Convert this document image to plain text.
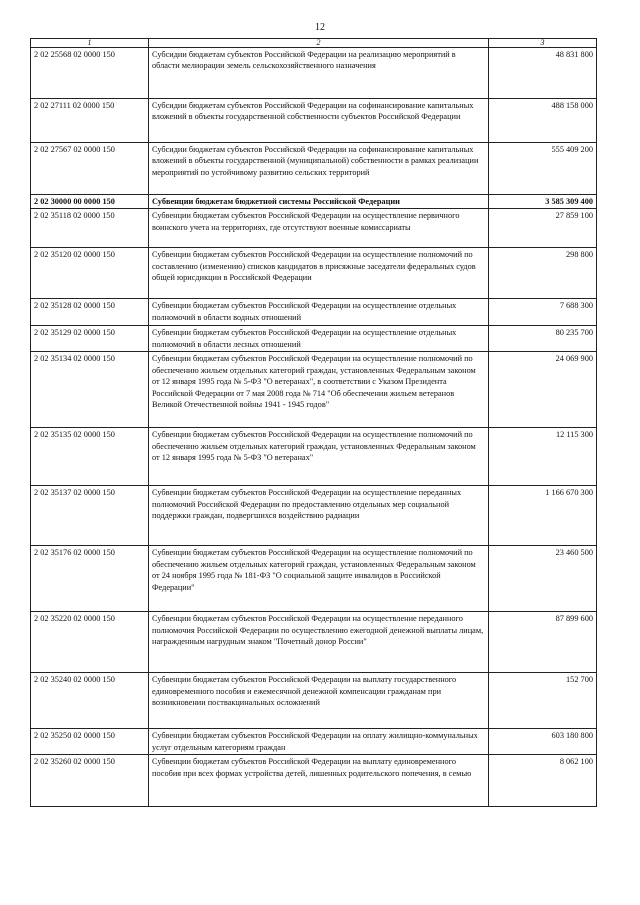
12
1	2	3
2 02 25568 02 0000 150	Субсидии бюджетам субъектов Российской Федерации на реализацию мероприятий в области мелиорации земель сельскохозяйственного назначения	48 831 800
2 02 27111 02 0000 150	Субсидии бюджетам субъектов Российской Федерации на софинансирование капитальных вложений в объекты государственной собственности субъектов Российской Федерации	488 158 000
2 02 27567 02 0000 150	Субсидии бюджетам субъектов Российской Федерации на софинансирование капитальных вложений в объекты государственной (муниципальной) собственности в рамках реализации мероприятий по устойчивому развитию сельских территорий	555 409 200
2 02 30000 00 0000 150	Субвенции бюджетам бюджетной системы Российской Федерации	3 585 309 400
2 02 35118 02 0000 150	Субвенции бюджетам субъектов Российской Федерации на осуществление первичного воинского учета на территориях, где отсутствуют военные комиссариаты	27 859 100
2 02 35120 02 0000 150	Субвенции бюджетам субъектов Российской Федерации на осуществление полномочий по составлению (изменению) списков кандидатов в присяжные заседатели федеральных судов общей юрисдикции в Российской Федерации	298 800
2 02 35128 02 0000 150	Субвенции бюджетам субъектов Российской Федерации на осуществление отдельных полномочий в области водных отношений	7 688 300
2 02 35129 02 0000 150	Субвенции бюджетам субъектов Российской Федерации на осуществление отдельных полномочий в области лесных отношений	80 235 700
2 02 35134 02 0000 150	Субвенции бюджетам субъектов Российской Федерации на осуществление полномочий по обеспечению жильем отдельных категорий граждан, установленных Федеральным законом от 12 января 1995 года № 5-ФЗ "О ветеранах", в соответствии с Указом Президента Российской Федерации от 7 мая 2008 года № 714 "Об обеспечении жильем ветеранов Великой Отечественной войны 1941 - 1945 годов"	24 069 900
2 02 35135 02 0000 150	Субвенции бюджетам субъектов Российской Федерации на осуществление полномочий по обеспечению жильем отдельных категорий граждан, установленных Федеральным законом от 12 января 1995 года № 5-ФЗ "О ветеранах"	12 115 300
2 02 35137 02 0000 150	Субвенции бюджетам субъектов Российской Федерации на осуществление переданных полномочий Российской Федерации по предоставлению отдельных мер социальной поддержки граждан, подвергшихся воздействию радиации	1 166 670 300
2 02 35176 02 0000 150	Субвенции бюджетам субъектов Российской Федерации на осуществление полномочий по обеспечению жильем отдельных категорий граждан, установленных Федеральным законом от 24 ноября 1995 года № 181-ФЗ "О социальной защите инвалидов в Российской Федерации"	23 460 500
2 02 35220 02 0000 150	Субвенции бюджетам субъектов Российской Федерации на осуществление переданного полномочия Российской Федерации по осуществлению ежегодной денежной выплаты лицам, награжденным нагрудным знаком "Почетный донор России"	87 899 600
2 02 35240 02 0000 150	Субвенции бюджетам субъектов Российской Федерации на выплату государственного единовременного пособия и ежемесячной денежной компенсации гражданам при возникновении поствакцинальных осложнений	152 700
2 02 35250 02 0000 150	Субвенции бюджетам субъектов Российской Федерации на оплату жилищно-коммунальных услуг отдельным категориям граждан	603 180 800
2 02 35260 02 0000 150	Субвенции бюджетам субъектов Российской Федерации на выплату единовременного пособия при всех формах устройства детей, лишенных родительского попечения, в семью	8 062 100
